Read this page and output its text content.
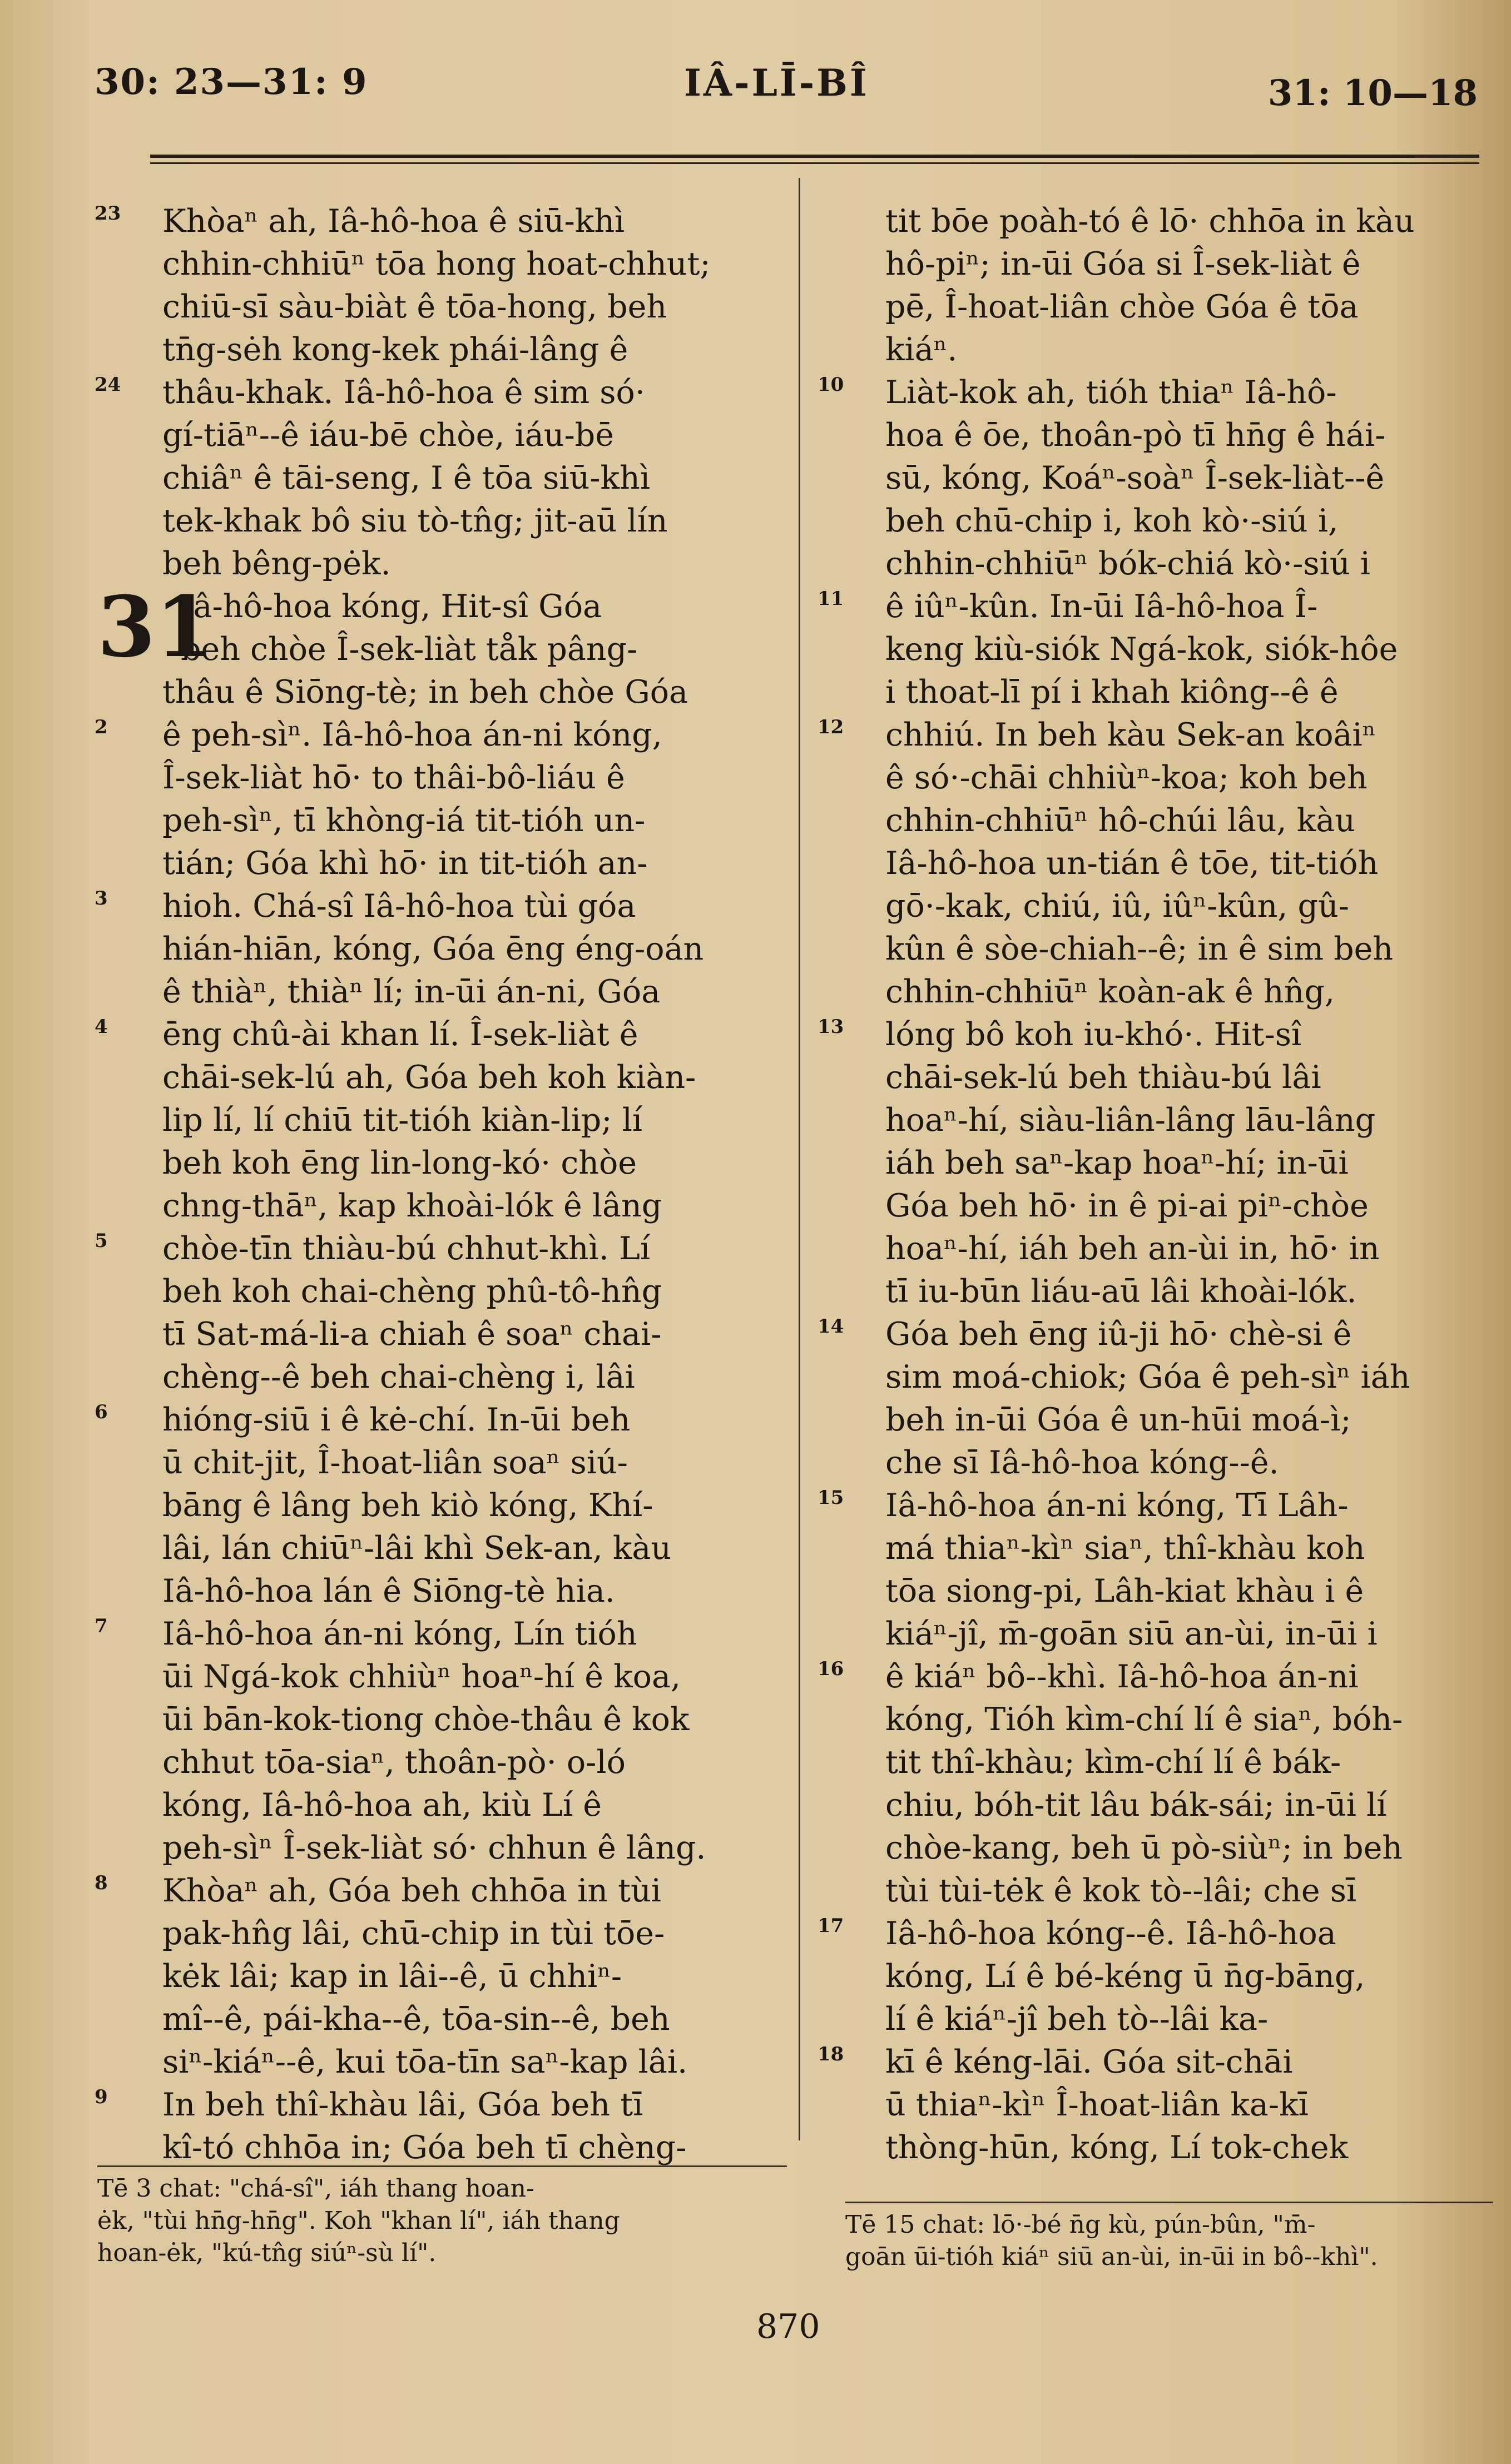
30: 23—31: 9	IÂ-LĪ-BÎ	31: 10—18
23 Khòaⁿ ah, Iâ-hô-hoa ê siū-khì
chhin-chhiūⁿ tōa hong hoat-chhut;
chiū-sī sàu-biàt ê tōa-hong, beh
tn̄g-sėh kong-kek phái-lâng ê
24 thâu-khak. Iâ-hô-hoa ê sim só·
gí-tiāⁿ--ê iáu-bē chòe, iáu-bē
chiâⁿ ê tāi-seng, I ê tōa siū-khì
tek-khak bô siu tò-tn̂g; jit-aū lín
beh bêng-pėk.
31
Iâ-hô-hoa kóng, Hit-sî Góa
beh chòe Î-sek-liàt tåk pâng-
thâu ê Siōng-tè; in beh chòe Góa
2	ê peh-sìⁿ. Iâ-hô-hoa án-ni kóng,
Î-sek-liàt hō· to thâi-bô-liáu ê
peh-sìⁿ, tī khòng-iá tit-tióh un-
tián; Góa khì hō· in tit-tióh an-
3	hioh. Chá-sî Iâ-hô-hoa tùi góa
hián-hiān, kóng, Góa ēng éng-oán
ê thiàⁿ, thiàⁿ lí; in-ūi án-ni, Góa
4	ēng chû-ài khan lí. Î-sek-liàt ê
chāi-sek-lú ah, Góa beh koh kiàn-
lip lí, lí chiū tit-tióh kiàn-lip; lí
beh koh ēng lin-long-kó· chòe
chng-thāⁿ, kap khoài-lók ê lâng
5	chòe-tīn thiàu-bú chhut-khì. Lí
beh koh chai-chèng phû-tô-hn̂g
tī Sat-má-li-a chiah ê soaⁿ chai-
chèng--ê beh chai-chèng i, lâi
6	hióng-siū i ê kė-chí. In-ūi beh
ū chit-jit, Î-hoat-liân soaⁿ siú-
bāng ê lâng beh kiò kóng, Khí-
lâi, lán chiūⁿ-lâi khì Sek-an, kàu
Iâ-hô-hoa lán ê Siōng-tè hia.
7	Iâ-hô-hoa án-ni kóng, Lín tióh
ūi Ngá-kok chhiùⁿ hoaⁿ-hí ê koa,
ūi bān-kok-tiong chòe-thâu ê kok
chhut tōa-siaⁿ, thoân-pò· o-ló
kóng, Iâ-hô-hoa ah, kiù Lí ê
peh-sìⁿ Î-sek-liàt só· chhun ê lâng.
8	Khòaⁿ ah, Góa beh chhōa in tùi
pak-hn̂g lâi, chū-chip in tùi tōe-
kėk lâi; kap in lâi--ê, ū chhiⁿ-
mî--ê, pái-kha--ê, tōa-sin--ê, beh
siⁿ-kiáⁿ--ê, kui tōa-tīn saⁿ-kap lâi.
9	In beh thî-khàu lâi, Góa beh tī
kî-tó chhōa in; Góa beh tī chèng-
tit bōe poàh-tó ê lō· chhōa in kàu
hô-piⁿ; in-ūi Góa si Î-sek-liàt ê
pē, Î-hoat-liân chòe Góa ê tōa
kiáⁿ.
10 Liàt-kok ah, tióh thiaⁿ Iâ-hô-
hoa ê ōe, thoân-pò tī hn̄g ê hái-
sū, kóng, Koáⁿ-soàⁿ Î-sek-liàt--ê
beh chū-chip i, koh kò·-siú i,
chhin-chhiūⁿ bók-chiá kò·-siú i
11 ê iûⁿ-kûn. In-ūi Iâ-hô-hoa Î-
keng kiù-siók Ngá-kok, siók-hôe
i thoat-lī pí i khah kiông--ê ê
12 chhiú. In beh kàu Sek-an koâiⁿ
ê só·-chāi chhiùⁿ-koa; koh beh
chhin-chhiūⁿ hô-chúi lâu, kàu
Iâ-hô-hoa un-tián ê tōe, tit-tióh
gō·-kak, chiú, iû, iûⁿ-kûn, gû-
kûn ê sòe-chiah--ê; in ê sim beh
chhin-chhiūⁿ koàn-ak ê hn̂g,
13 lóng bô koh iu-khó·. Hit-sî
chāi-sek-lú beh thiàu-bú lâi
hoaⁿ-hí, siàu-liân-lâng lāu-lâng
iáh beh saⁿ-kap hoaⁿ-hí; in-ūi
Góa beh hō· in ê pi-ai piⁿ-chòe
hoaⁿ-hí, iáh beh an-ùi in, hō· in
tī iu-būn liáu-aū lâi khoài-lók.
14 Góa beh ēng iû-ji hō· chè-si ê
sim moá-chiok; Góa ê peh-sìⁿ iáh
beh in-ūi Góa ê un-hūi moá-ì;
che sī Iâ-hô-hoa kóng--ê.
15 Iâ-hô-hoa án-ni kóng, Tī Lâh-
má thiaⁿ-kìⁿ siaⁿ, thî-khàu koh
tōa siong-pi, Lâh-kiat khàu i ê
kiáⁿ-jî, m̄-goān siū an-ùi, in-ūi i
16 ê kiáⁿ bô--khì. Iâ-hô-hoa án-ni
kóng, Tióh kìm-chí lí ê siaⁿ, bóh-
tit thî-khàu; kìm-chí lí ê bák-
chiu, bóh-tit lâu bák-sái; in-ūi lí
chòe-kang, beh ū pò-siùⁿ; in beh
tùi tùi-tėk ê kok tò--lâi; che sī
17 Iâ-hô-hoa kóng--ê. Iâ-hô-hoa
kóng, Lí ê bé-kéng ū n̄g-bāng,
lí ê kiáⁿ-jî beh tò--lâi ka-
18 kī ê kéng-lāi. Góa sit-chāi
ū thiaⁿ-kìⁿ Î-hoat-liân ka-kī
thòng-hūn, kóng, Lí tok-chek
Tē 3 chat: "chá-sî", iáh thang hoan-
ėk, "tùi hn̄g-hn̄g". Koh "khan lí", iáh thang
hoan-ėk, "kú-tn̂g siúⁿ-sù lí".
Tē 15 chat: lō·-bé n̄g kù, pún-bûn, "m̄-
goān ūi-tióh kiáⁿ siū an-ùi, in-ūi in bô--khì".
870
